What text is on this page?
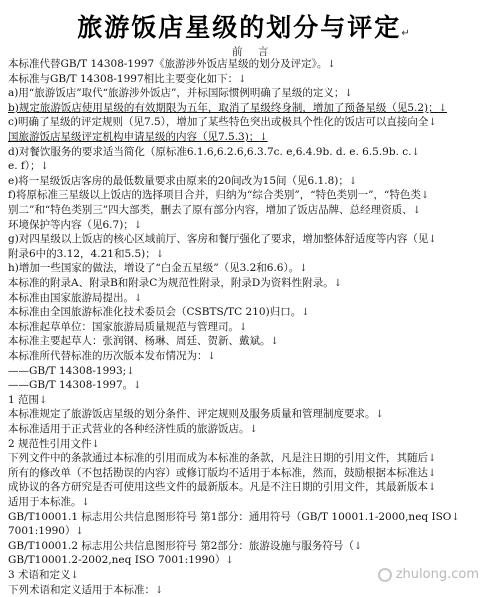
旅游饭店星级的划分与评定↵
前 言
本标准代替GB/T 14308-1997《旅游涉外饭店星级的划分及评定》。↓
本标准与GB/T 14308-1997相比主要变化如下：↓
a)用“旅游饭店”取代“旅游涉外饭店”，并标国际惯例明确了星级的定义；↓
b)规定旅游饭店使用星级的有效期限为五年，取消了星级终身制，增加了预备星级（见5.2)；↓
c)明确了星级的评定规则（见7.5），增加了某些特色突出或极具个性化的饭店可以直接向全↓
国旅游饭店星级评定机构申请星级的内容（见7.5.3)；↓
d)对餐饮服务的要求适当简化（原标准6.1.6,6.2.6,6.3.7c. e,6.4.9b. d. e. 6.5.9b. c.↓
e. f）；↓
e)将一星级饭店客房的最低数量要求由原来的20间改为15间（见6.1.8)；↓
f)将原标准三星级以上饭店的选择项目合并，归纳为“综合类别”，“特色类别一”，“特色类↓
别二”和“特色类别三”四大部类，删去了原有部分内容，增加了饭店品牌、总经理资质、↓
环境保护等内容（见6.7)；↓
g)对四星级以上饭店的核心区域前厅、客房和餐厅强化了要求，增加整体舒适度等内容（见↓
附录6中的3.12，4.21和5.5)；↓
h)增加一些国家的做法，增设了“白金五星级”（见3.2和6.6）。↓
本标准的附录A、附录B和附录C为规范性附录，附录D为资料性附录。↓
本标准由国家旅游局提出。↓
本标准由全国旅游标准化技术委员会（CSBTS/TC 210)归口。↓
本标准起草单位：国家旅游局质量规范与管理司。↓
本标准主要起草人：张润钢、杨琳、周廷、贺新、戴斌。↓
本标准所代替标准的历次版本发布情况为：↓
——GB/T 14308-1993;↓
——GB/T 14308-1997。↓
1 范围↓
本标准规定了旅游饭店星级的划分条件、评定规则及服务质量和管理制度要求。↓
本标准适用于正式营业的各种经济性质的旅游饭店。↓
2 规范性引用文件↓
下列文件中的条款通过本标准的引用而成为本标准的条款，凡是注日期的引用文件，其随后↓
所有的修改单（不包括勘误的内容）或修订版均不适用于本标准，然而，鼓励根据本标准达↓
成协议的各方研究是否可使用这些文件的最新版本。凡是不注日期的引用文件，其最新版本↓
适用于本标准。↓
GB/T10001.1 标志用公共信息图形符号 第1部分：通用符号（GB/T 10001.1-2000,neq ISO↓
7001:1990）↓
GB/T10001.2 标志用公共信息图形符号 第2部分：旅游设施与服务符号（↓
GB/T10001.2-2002,neq ISO 7001:1990）↓
3 术语和定义↓
下列术语和定义适用于本标准：↓
zhulong.com
